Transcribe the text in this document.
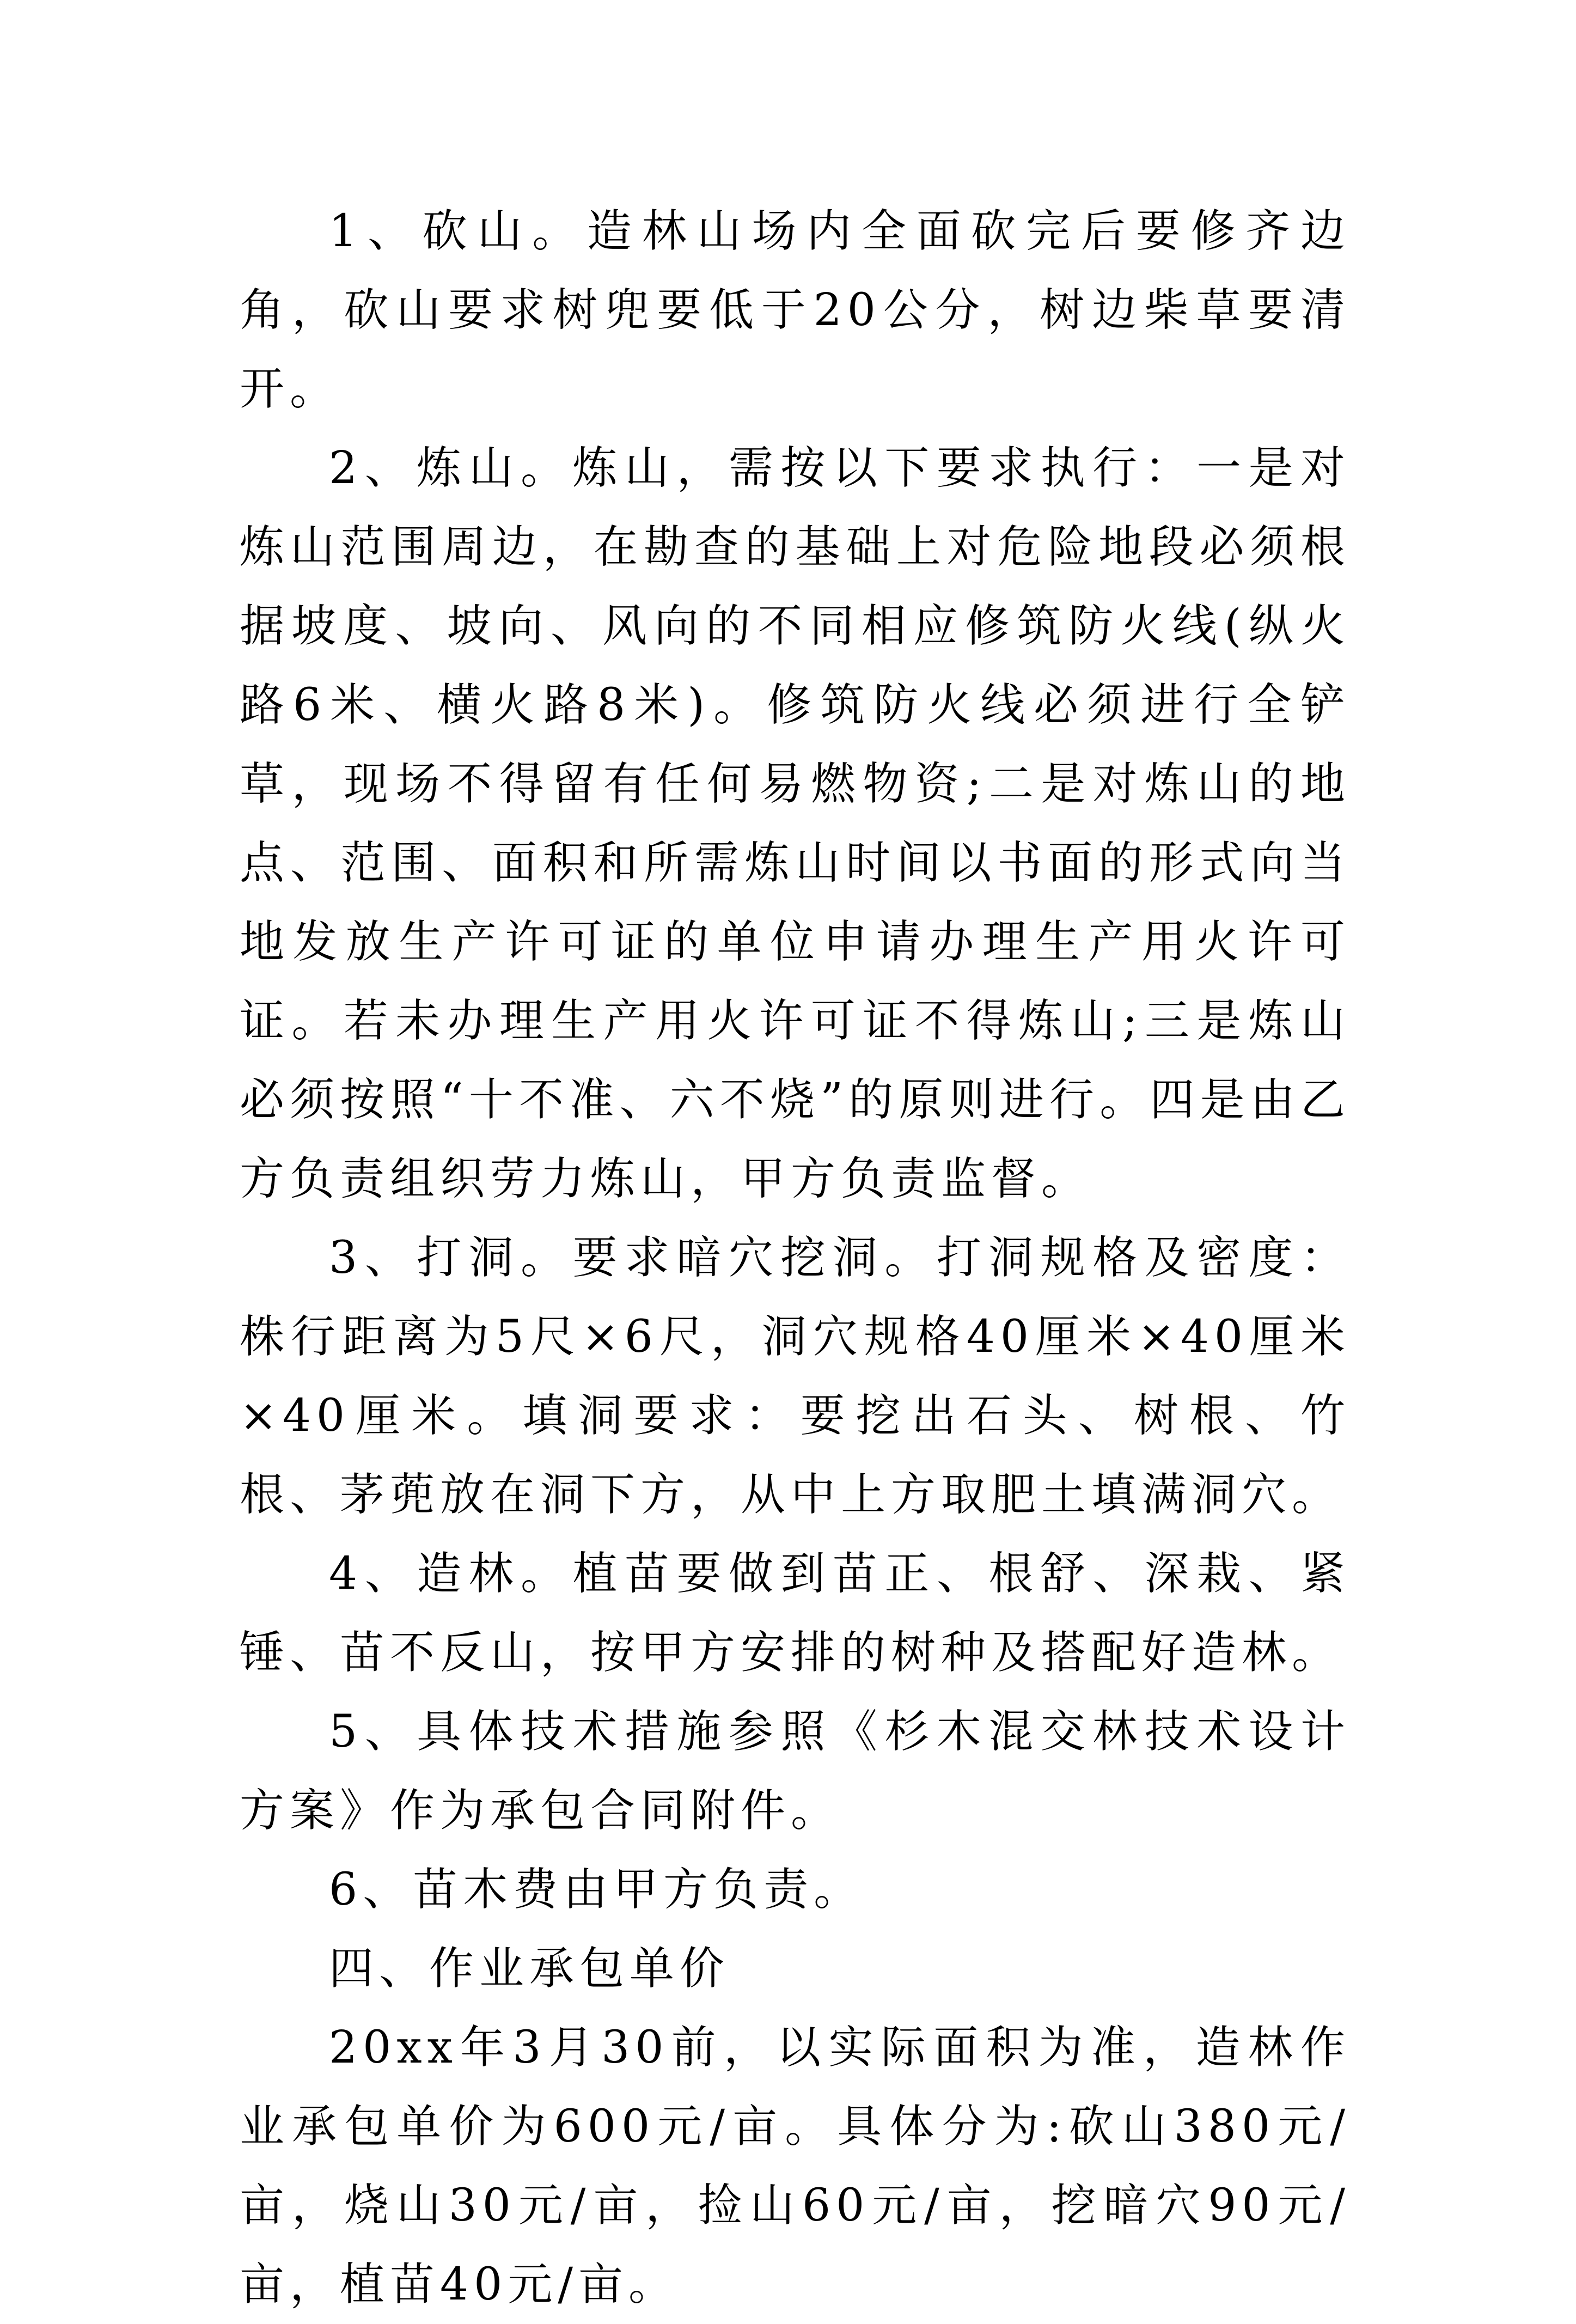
1、砍山。造林山场内全面砍完后要修齐边角，砍山要求树兜要低于20公分，树边柴草要清开。

2、炼山。炼山，需按以下要求执行：一是对炼山范围周边，在勘查的基础上对危险地段必须根据坡度、坡向、风向的不同相应修筑防火线(纵火路6米、横火路8米)。修筑防火线必须进行全铲草，现场不得留有任何易燃物资;二是对炼山的地点、范围、面积和所需炼山时间以书面的形式向当地发放生产许可证的单位申请办理生产用火许可证。若未办理生产用火许可证不得炼山;三是炼山必须按照“十不准、六不烧”的原则进行。四是由乙方负责组织劳力炼山，甲方负责监督。

3、打洞。要求暗穴挖洞。打洞规格及密度：株行距离为5尺×6尺，洞穴规格40厘米×40厘米×40厘米。填洞要求：要挖出石头、树根、竹根、茅蔸放在洞下方，从中上方取肥土填满洞穴。

4、造林。植苗要做到苗正、根舒、深栽、紧锤、苗不反山，按甲方安排的树种及搭配好造林。

5、具体技术措施参照《杉木混交林技术设计方案》作为承包合同附件。

6、苗木费由甲方负责。

四、作业承包单价

20xx年3月30前，以实际面积为准，造林作业承包单价为600元/亩。具体分为:砍山380元/亩，烧山30元/亩，捡山60元/亩，挖暗穴90元/亩，植苗40元/亩。
